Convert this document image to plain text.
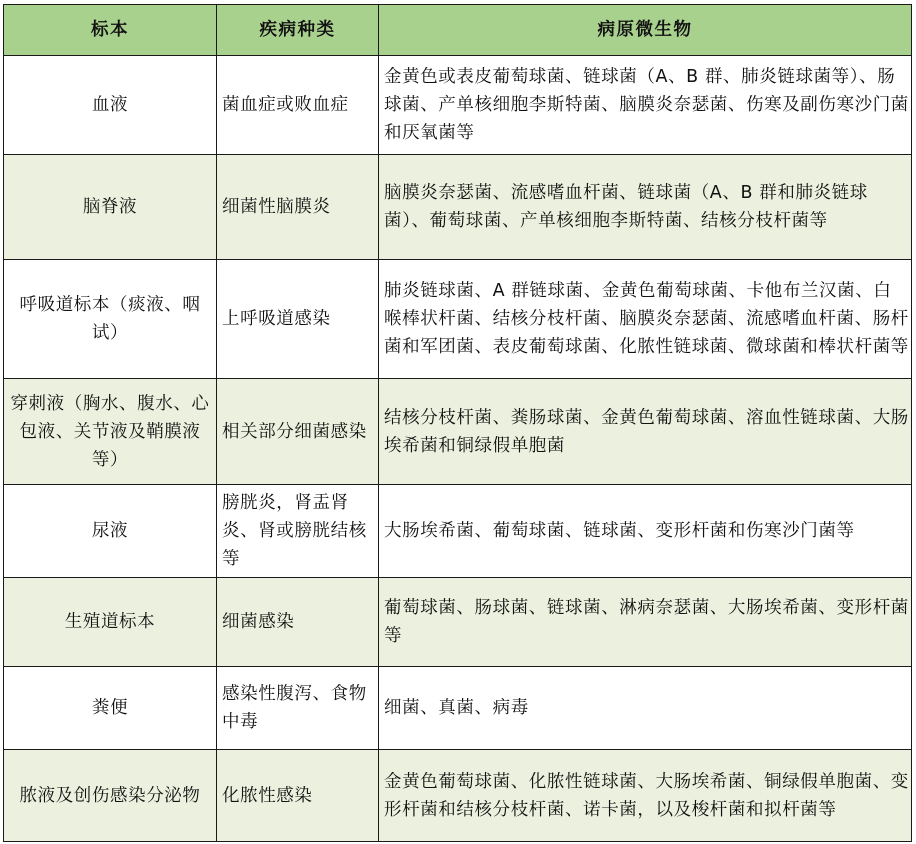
标本	疾病种类	病原微生物
血液	菌血症或败血症	金黄色或表皮葡萄球菌、链球菌（A、B 群、肺炎链球菌等）、肠球菌、产单核细胞李斯特菌、脑膜炎奈瑟菌、伤寒及副伤寒沙门菌和厌氧菌等
脑脊液	细菌性脑膜炎	脑膜炎奈瑟菌、流感嗜血杆菌、链球菌（A、B 群和肺炎链球菌）、葡萄球菌、产单核细胞李斯特菌、结核分枝杆菌等
呼吸道标本（痰液、咽试）	上呼吸道感染	肺炎链球菌、A 群链球菌、金黄色葡萄球菌、卡他布兰汉菌、白喉棒状杆菌、结核分枝杆菌、脑膜炎奈瑟菌、流感嗜血杆菌、肠杆菌和军团菌、表皮葡萄球菌、化脓性链球菌、微球菌和棒状杆菌等
穿刺液（胸水、腹水、心包液、关节液及鞘膜液等）	相关部分细菌感染	结核分枝杆菌、粪肠球菌、金黄色葡萄球菌、溶血性链球菌、大肠埃希菌和铜绿假单胞菌
尿液	膀胱炎，肾盂肾炎、肾或膀胱结核等	大肠埃希菌、葡萄球菌、链球菌、变形杆菌和伤寒沙门菌等
生殖道标本	细菌感染	葡萄球菌、肠球菌、链球菌、淋病奈瑟菌、大肠埃希菌、变形杆菌等
粪便	感染性腹泻、食物中毒	细菌、真菌、病毒
脓液及创伤感染分泌物	化脓性感染	金黄色葡萄球菌、化脓性链球菌、大肠埃希菌、铜绿假单胞菌、变形杆菌和结核分枝杆菌、诺卡菌，以及梭杆菌和拟杆菌等
